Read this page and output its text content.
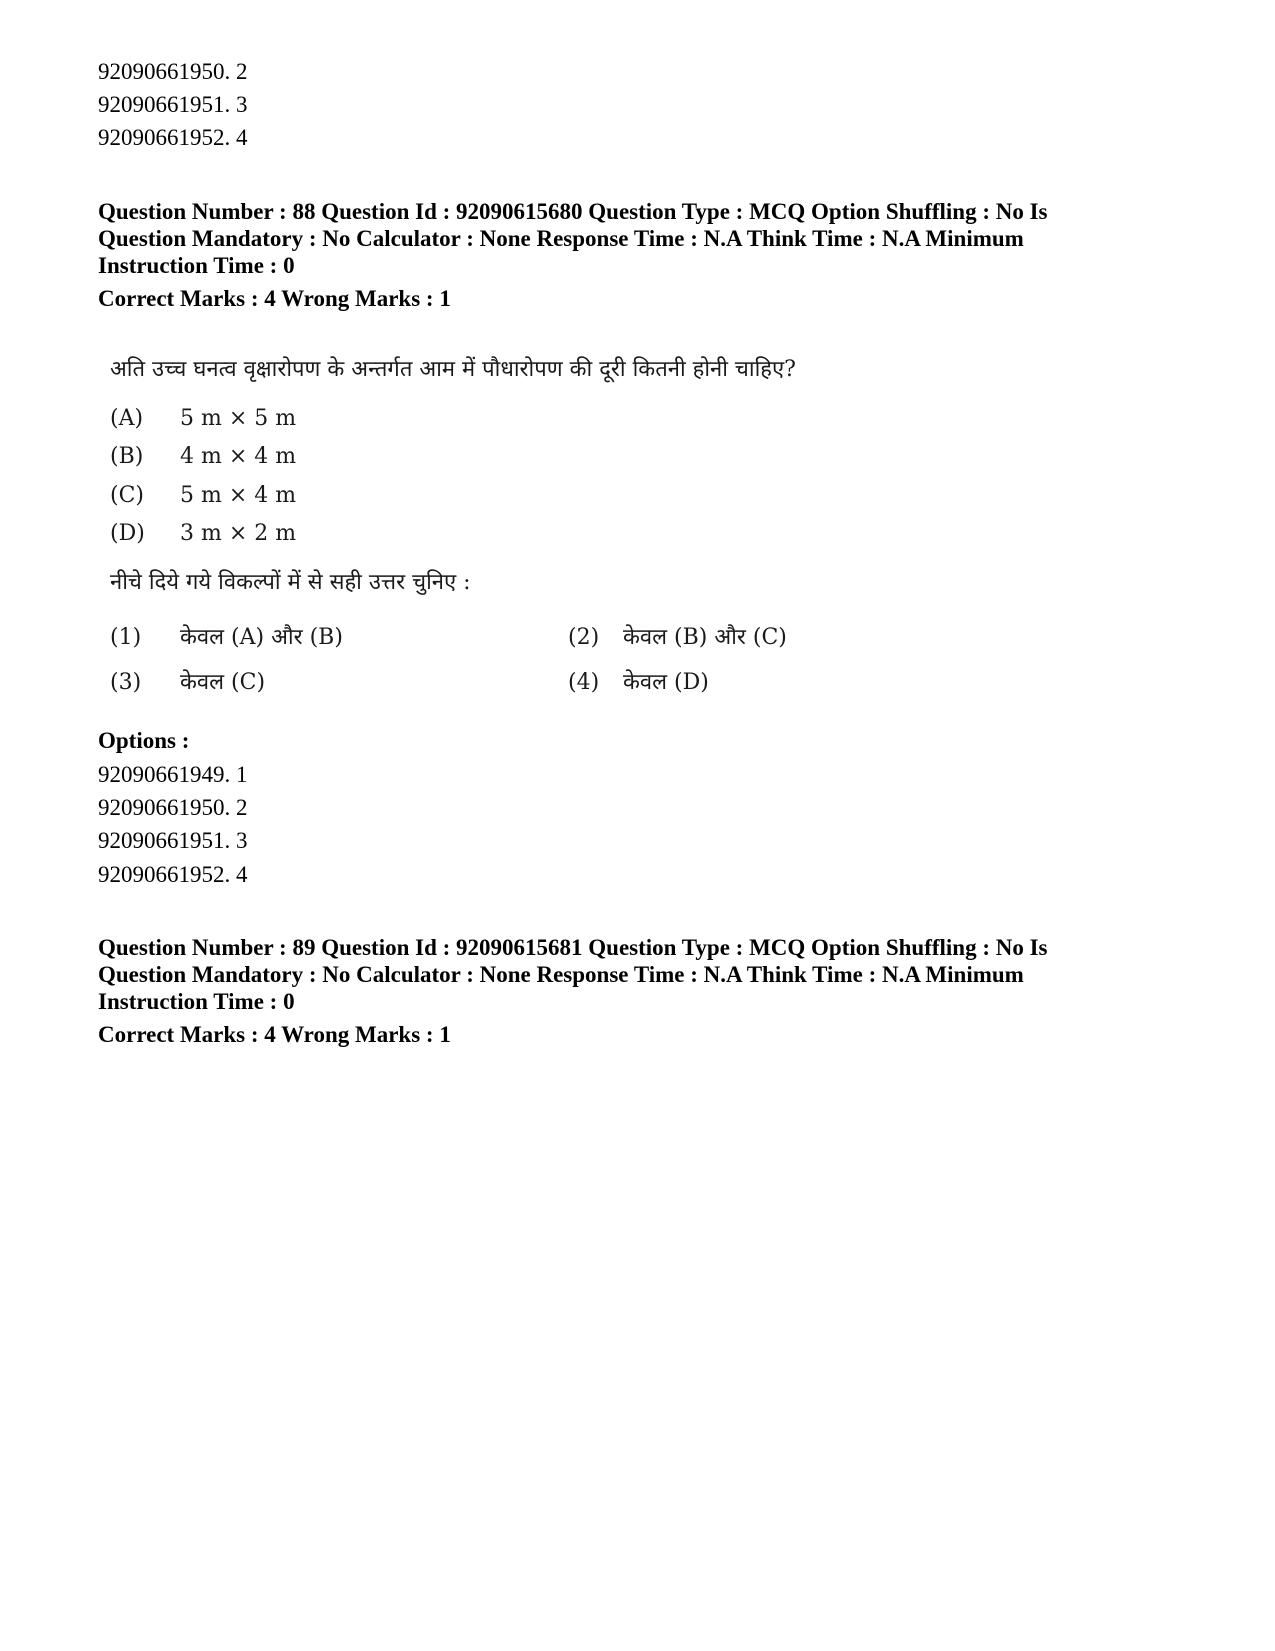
92090661950. 2
92090661951. 3
92090661952. 4
Question Number : 88 Question Id : 92090615680 Question Type : MCQ Option Shuffling : No Is
Question Mandatory : No Calculator : None Response Time : N.A Think Time : N.A Minimum
Instruction Time : 0
Correct Marks : 4 Wrong Marks : 1
अति उच्च घनत्व वृक्षारोपण के अन्तर्गत आम में पौधारोपण की दूरी कितनी होनी चाहिए?
(A) 5 m × 5 m
(B) 4 m × 4 m
(C) 5 m × 4 m
(D) 3 m × 2 m
नीचे दिये गये विकल्पों में से सही उत्तर चुनिए :
(1) केवल (A) और (B)	(2) केवल (B) और (C)
(3) केवल (C)	(4) केवल (D)
Options :
92090661949. 1
92090661950. 2
92090661951. 3
92090661952. 4
Question Number : 89 Question Id : 92090615681 Question Type : MCQ Option Shuffling : No Is
Question Mandatory : No Calculator : None Response Time : N.A Think Time : N.A Minimum
Instruction Time : 0
Correct Marks : 4 Wrong Marks : 1
